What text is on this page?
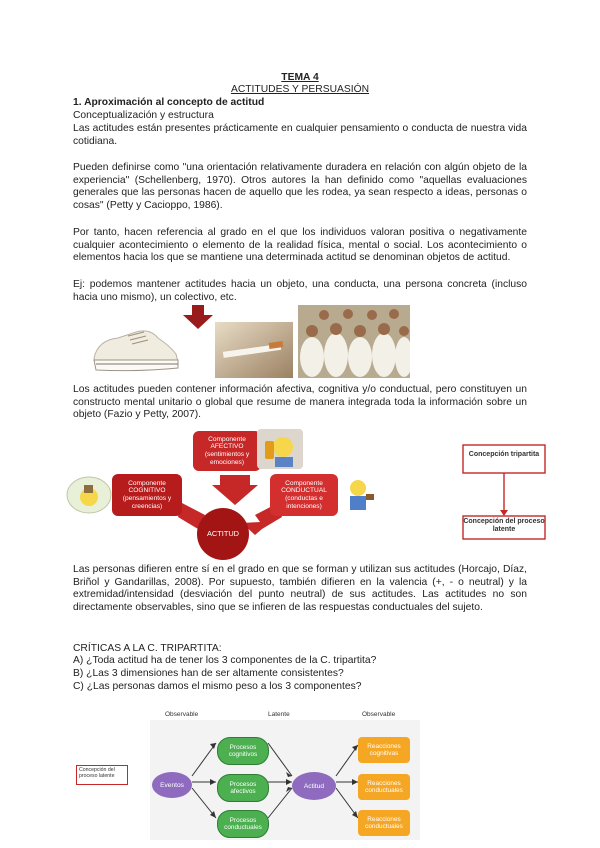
TEMA 4
ACTITUDES Y PERSUASIÓN
1. Aproximación al concepto de actitud
Conceptualización y estructura
Las actitudes están presentes prácticamente en cualquier pensamiento o conducta de nuestra vida cotidiana.
Pueden definirse como "una orientación relativamente duradera en relación con algún objeto de la experiencia" (Schellenberg, 1970). Otros autores la han definido como "aquellas evaluaciones generales que las personas hacen de aquello que les rodea, ya sean respecto a ideas, personas o cosas" (Petty y Cacioppo, 1986).
Por tanto, hacen referencia al grado en el que los individuos valoran positiva o negativamente cualquier acontecimiento o elemento de la realidad física, mental o social. Los acontecimiento o elementos hacia los que se mantiene una determinada actitud se denominan objetos de actitud.
Ej: podemos mantener actitudes hacia un objeto, una conducta, una persona concreta (incluso hacia uno mismo), un colectivo, etc.
Los actitudes pueden contener información afectiva, cognitiva y/o conductual, pero constituyen un constructo mental unitario o global que resume de manera integrada toda la información sobre un objeto (Fazio y Petty, 2007).
Componente AFECTIVO (sentimientos y emociones)
Componente COGNITIVO (pensamientos y creencias)
Componente CONDUCTUAL (conductas e intenciones)
ACTITUD
Concepción tripartita
Concepción del proceso latente
Las personas difieren entre sí en el grado en que se forman y utilizan sus actitudes (Horcajo, Díaz, Briñol y Gandarillas, 2008). Por supuesto, también difieren en la valencia (+, - o neutral) y la extremidad/intensidad (desviación del punto neutral) de sus actitudes. Las actitudes no son directamente observables, sino que se infieren de las respuestas conductuales del sujeto.
CRÍTICAS A LA C. TRIPARTITA:
A) ¿Toda actitud ha de tener los 3 componentes de la C. tripartita?
B) ¿Las 3 dimensiones han de ser altamente consistentes?
C) ¿Las personas damos el mismo peso a los 3 componentes?
Observable	Latente	Observable
Concepción del proceso latente
Eventos
Procesos cognitivos
Procesos afectivos
Procesos conductuales
Actitud
Reacciones cognitivas
Reacciones conductuales
Reacciones conductuales
